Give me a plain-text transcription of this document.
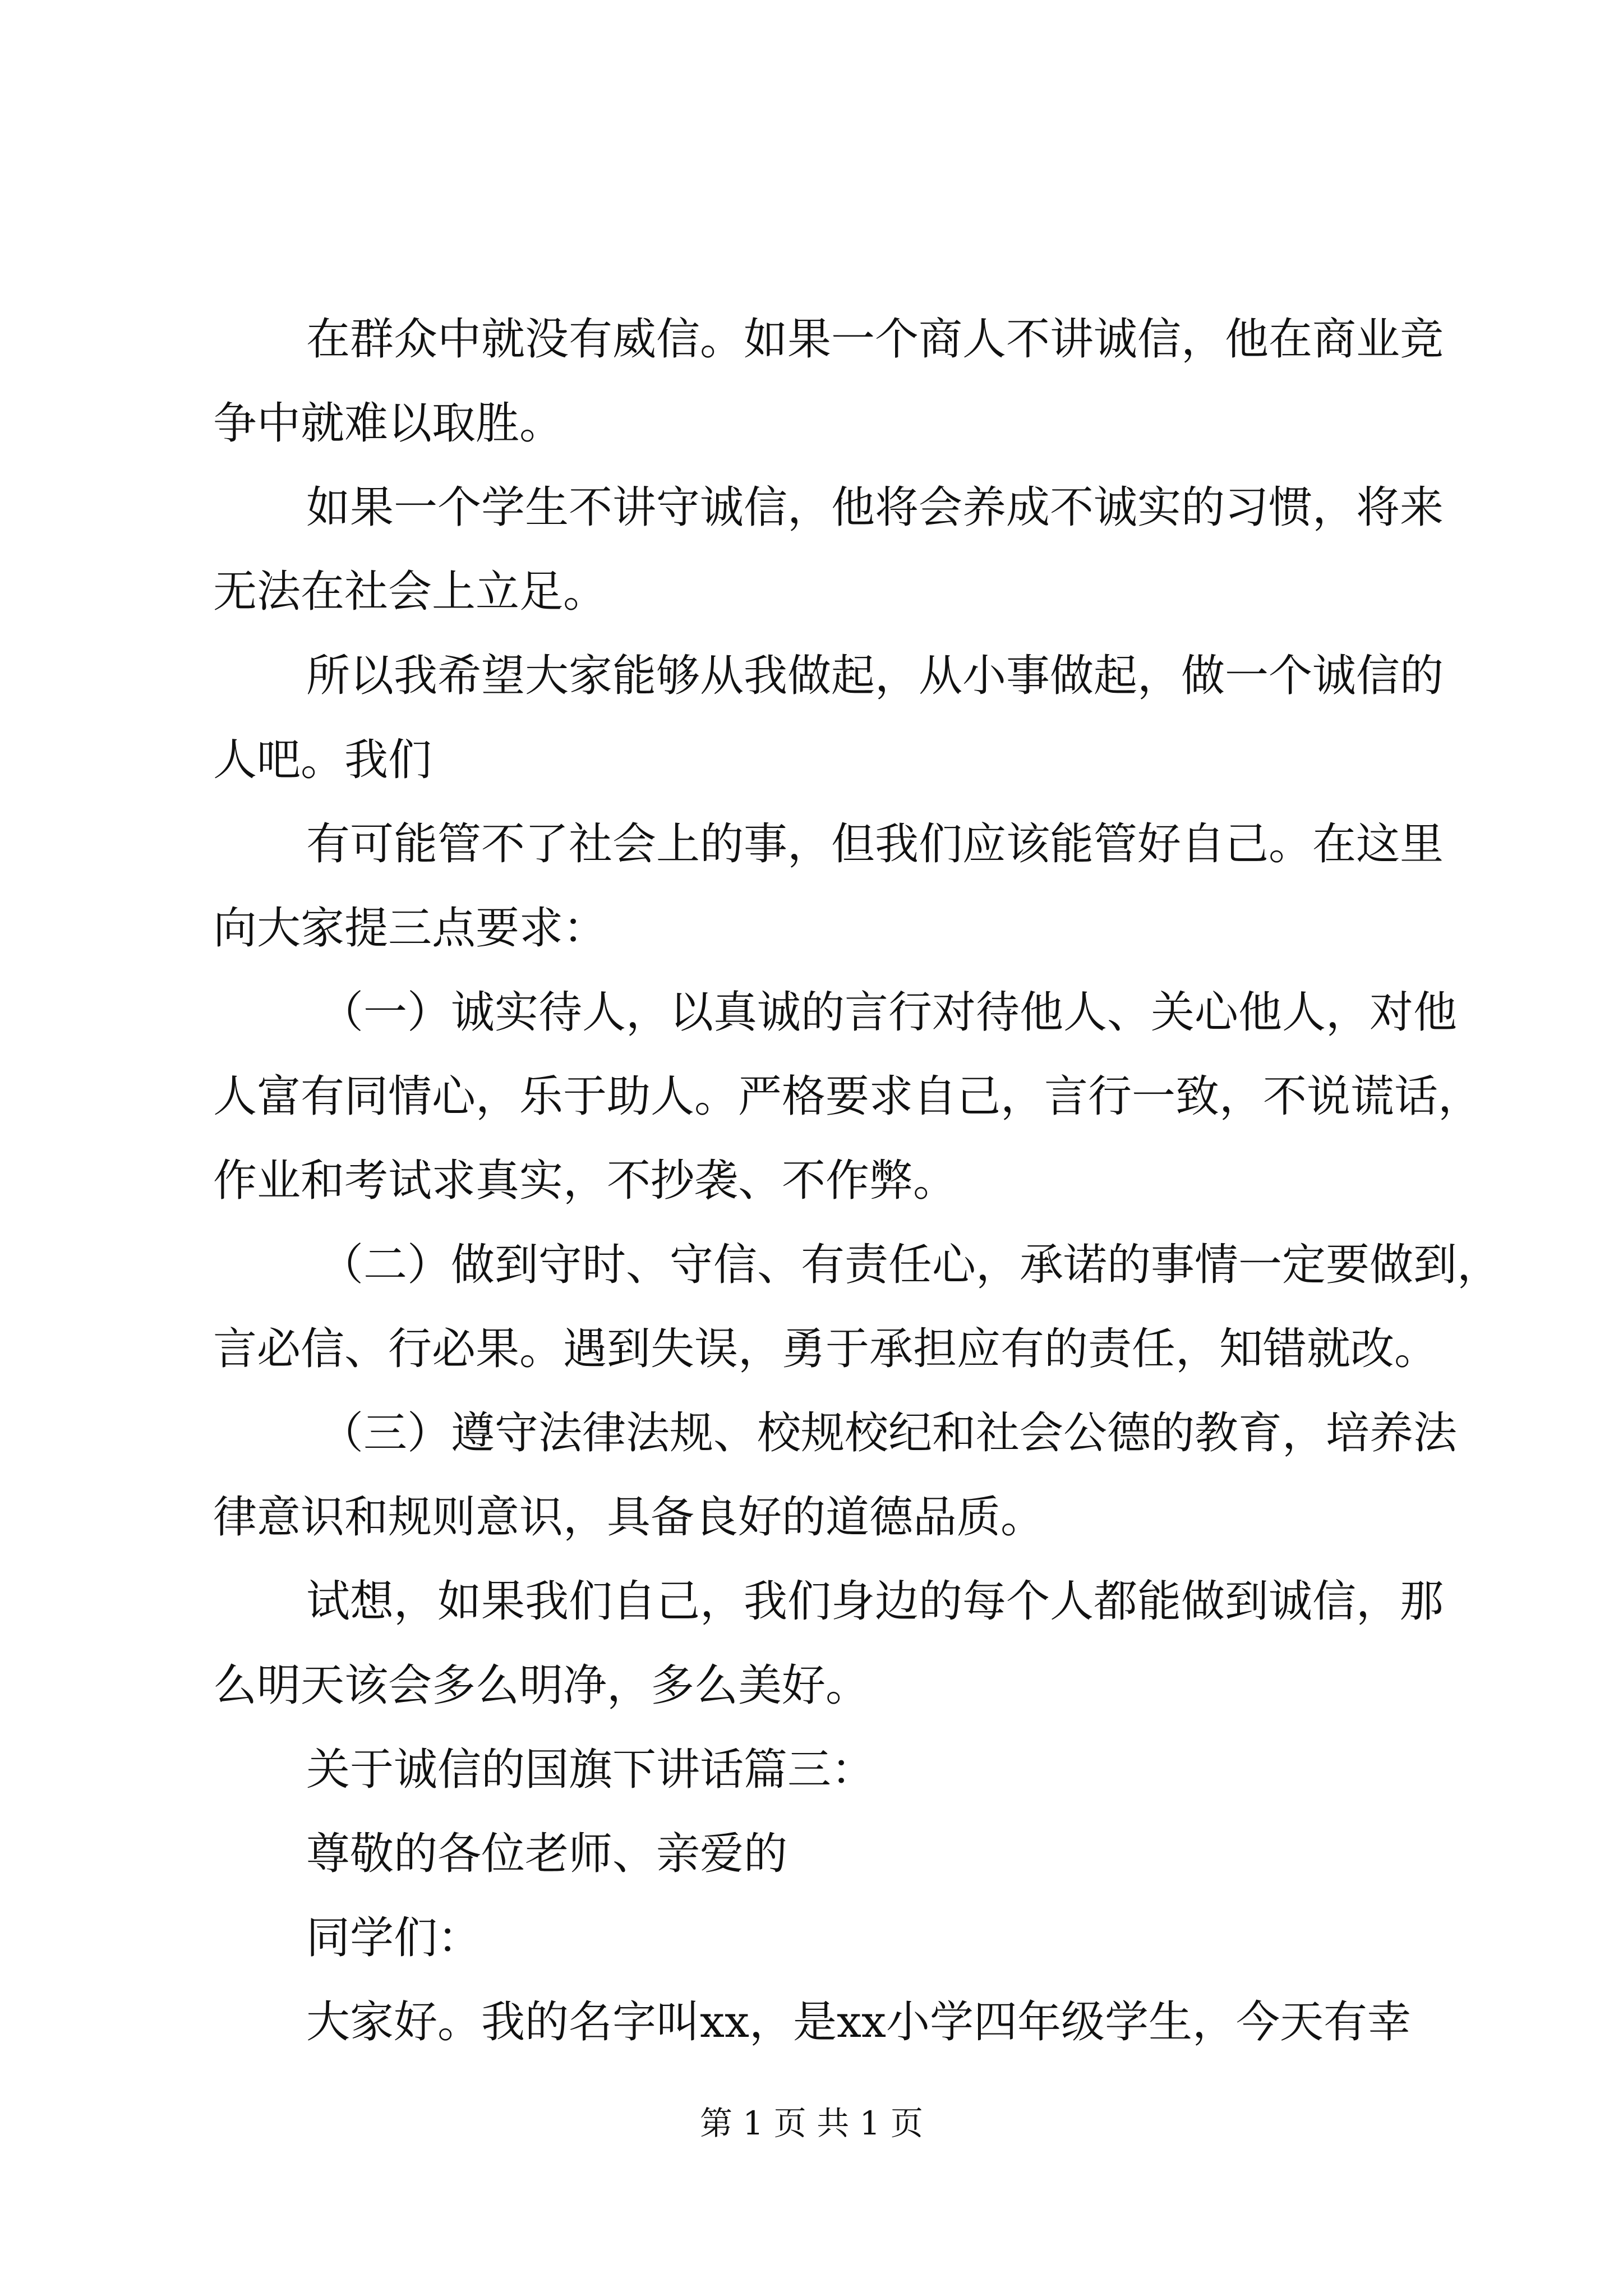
在群众中就没有威信。如果一个商人不讲诚信，他在商业竞
争中就难以取胜。
如果一个学生不讲守诚信，他将会养成不诚实的习惯，将来
无法在社会上立足。
所以我希望大家能够从我做起，从小事做起，做一个诚信的
人吧。我们
有可能管不了社会上的事，但我们应该能管好自己。在这里
向大家提三点要求：
（一）诚实待人，以真诚的言行对待他人、关心他人，对他
人富有同情心，乐于助人。严格要求自己，言行一致，不说谎话，
作业和考试求真实，不抄袭、不作弊。
（二）做到守时、守信、有责任心，承诺的事情一定要做到，
言必信、行必果。遇到失误，勇于承担应有的责任，知错就改。
（三）遵守法律法规、校规校纪和社会公德的教育，培养法
律意识和规则意识，具备良好的道德品质。
试想，如果我们自己，我们身边的每个人都能做到诚信，那
么明天该会多么明净，多么美好。
关于诚信的国旗下讲话篇三：
尊敬的各位老师、亲爱的
同学们：
大家好。我的名字叫xx，是xx小学四年级学生，今天有幸
第 1 页 共 1 页
